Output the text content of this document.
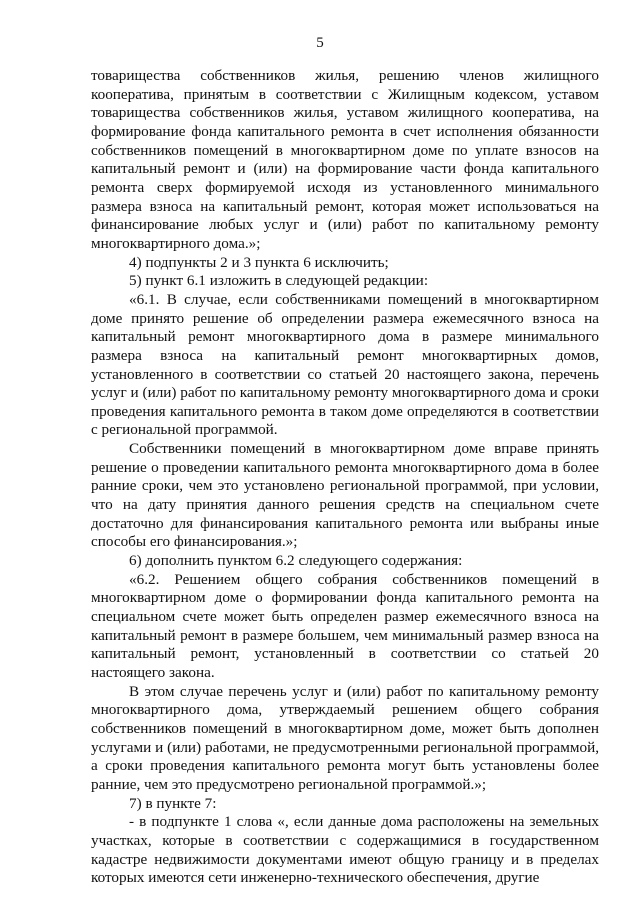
5

товарищества собственников жилья, решению членов жилищного кооператива, принятым в соответствии с Жилищным кодексом, уставом товарищества собственников жилья, уставом жилищного кооператива, на формирование фонда капитального ремонта в счет исполнения обязанности собственников помещений в многоквартирном доме по уплате взносов на капитальный ремонт и (или) на формирование части фонда капитального ремонта сверх формируемой исходя из установленного минимального размера взноса на капитальный ремонт, которая может использоваться на финансирование любых услуг и (или) работ по капитальному ремонту многоквартирного дома.»;

4) подпункты 2 и 3 пункта 6 исключить;

5) пункт 6.1 изложить в следующей редакции:

«6.1. В случае, если собственниками помещений в многоквартирном доме принято решение об определении размера ежемесячного взноса на капитальный ремонт многоквартирного дома в размере минимального размера взноса на капитальный ремонт многоквартирных домов, установленного в соответствии со статьей 20 настоящего закона, перечень услуг и (или) работ по капитальному ремонту многоквартирного дома и сроки проведения капитального ремонта в таком доме определяются в соответствии с региональной программой.

Собственники помещений в многоквартирном доме вправе принять решение о проведении капитального ремонта многоквартирного дома в более ранние сроки, чем это установлено региональной программой, при условии, что на дату принятия данного решения средств на специальном счете достаточно для финансирования капитального ремонта или выбраны иные способы его финансирования.»;

6) дополнить пунктом 6.2 следующего содержания:

«6.2. Решением общего собрания собственников помещений в многоквартирном доме о формировании фонда капитального ремонта на специальном счете может быть определен размер ежемесячного взноса на капитальный ремонт в размере большем, чем минимальный размер взноса на капитальный ремонт, установленный в соответствии со статьей 20 настоящего закона.

В этом случае перечень услуг и (или) работ по капитальному ремонту многоквартирного дома, утверждаемый решением общего собрания собственников помещений в многоквартирном доме, может быть дополнен услугами и (или) работами, не предусмотренными региональной программой, а сроки проведения капитального ремонта могут быть установлены более ранние, чем это предусмотрено региональной программой.»;

7) в пункте 7:

- в подпункте 1 слова «, если данные дома расположены на земельных участках, которые в соответствии с содержащимися в государственном кадастре недвижимости документами имеют общую границу и в пределах которых имеются сети инженерно-технического обеспечения, другие
